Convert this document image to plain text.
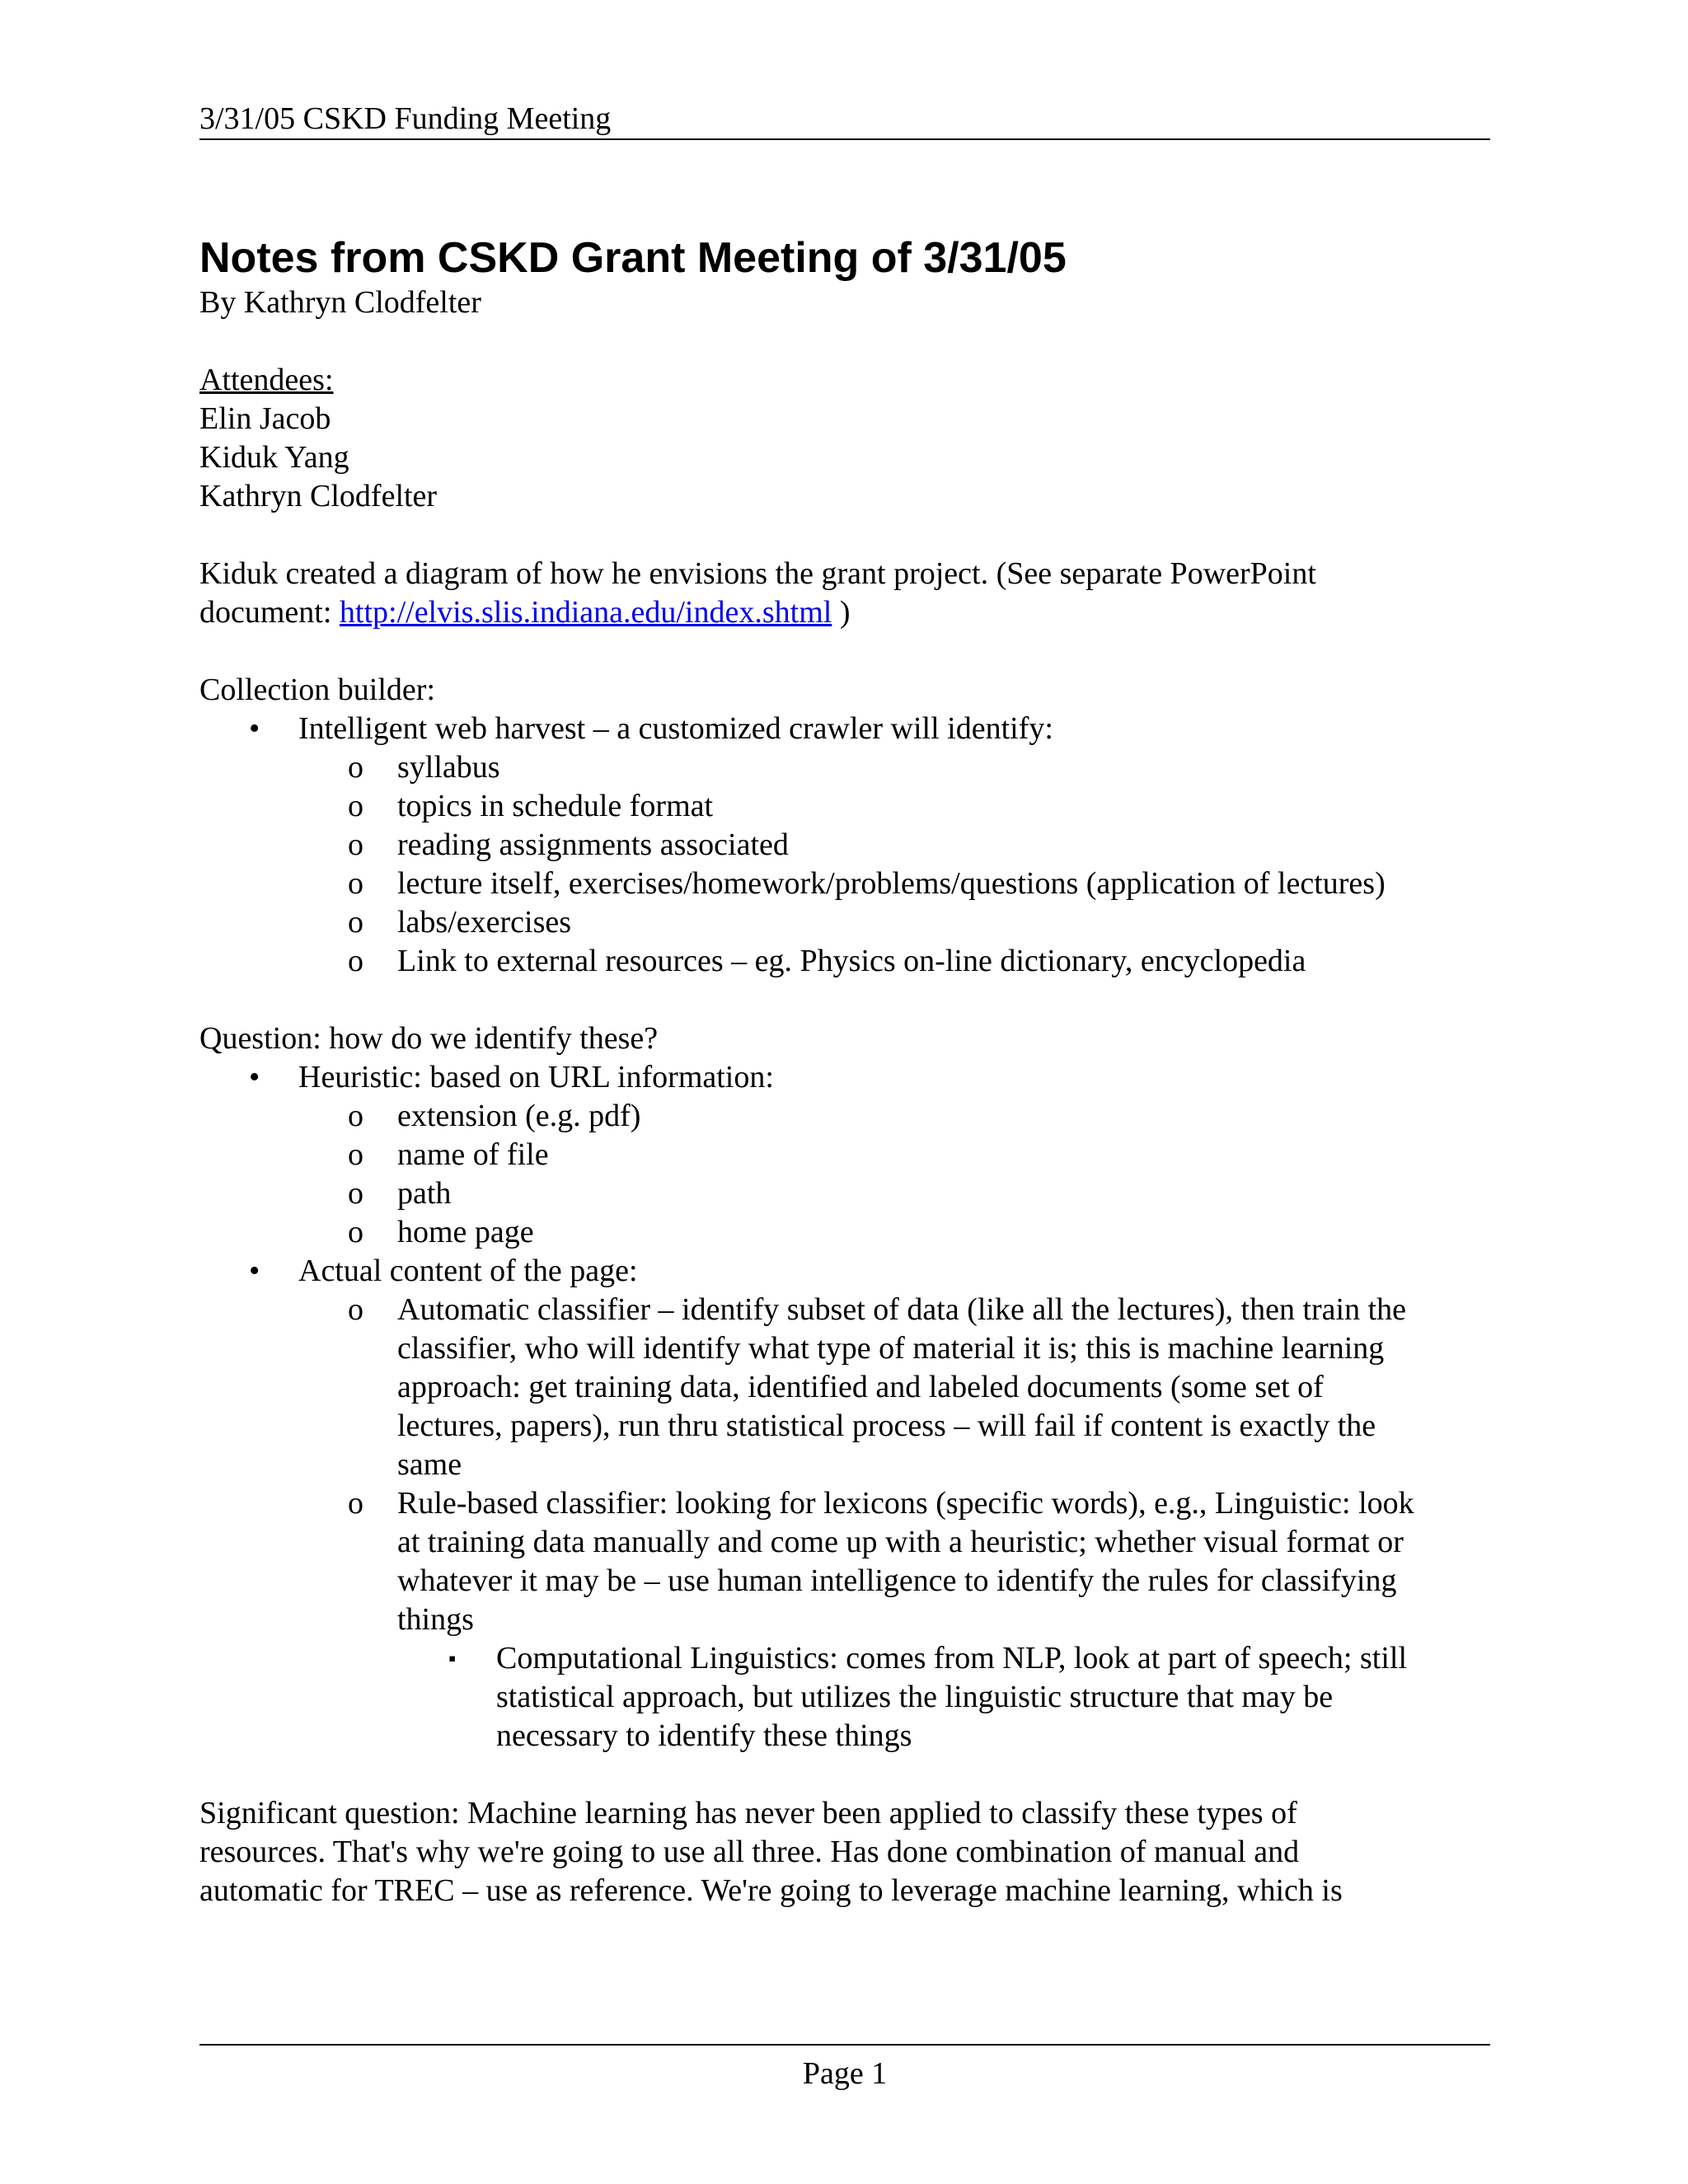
3/31/05 CSKD Funding Meeting

Notes from CSKD Grant Meeting of 3/31/05

By Kathryn Clodfelter

Attendees:

Elin Jacob

Kiduk Yang

Kathryn Clodfelter

Kiduk created a diagram of how he envisions the grant project. (See separate PowerPoint

document: http://elvis.slis.indiana.edu/index.shtml )

Collection builder:

• Intelligent web harvest – a customized crawler will identify:
o syllabus
o topics in schedule format
o reading assignments associated
o lecture itself, exercises/homework/problems/questions (application of lectures)
o labs/exercises
o Link to external resources – eg. Physics on-line dictionary, encyclopedia

Question: how do we identify these?

• Heuristic: based on URL information:
o extension (e.g. pdf)
o name of file
o path
o home page
• Actual content of the page:
o Automatic classifier – identify subset of data (like all the lectures), then train the
classifier, who will identify what type of material it is; this is machine learning
approach: get training data, identified and labeled documents (some set of
lectures, papers), run thru statistical process – will fail if content is exactly the
same
o Rule-based classifier: looking for lexicons (specific words), e.g., Linguistic: look
at training data manually and come up with a heuristic; whether visual format or
whatever it may be – use human intelligence to identify the rules for classifying
things
▪ Computational Linguistics: comes from NLP, look at part of speech; still
statistical approach, but utilizes the linguistic structure that may be
necessary to identify these things

Significant question: Machine learning has never been applied to classify these types of

resources. That's why we're going to use all three. Has done combination of manual and

automatic for TREC – use as reference. We're going to leverage machine learning, which is

Page 1
